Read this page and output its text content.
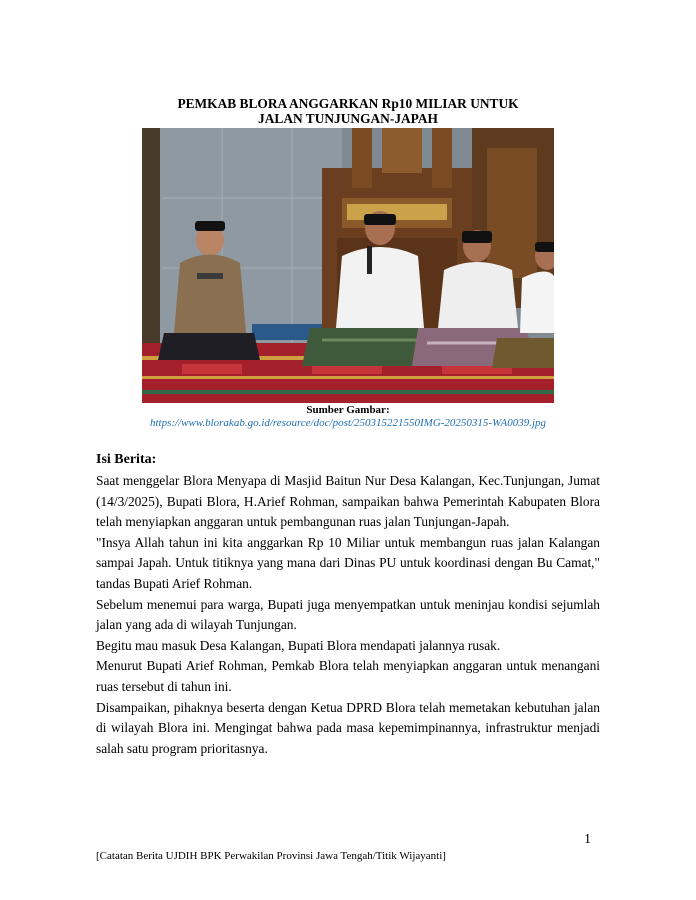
PEMKAB BLORA ANGGARKAN Rp10 MILIAR UNTUK
JALAN TUNJUNGAN-JAPAH
Sumber Gambar:
https://www.blorakab.go.id/resource/doc/post/250315221550IMG-20250315-WA0039.jpg
Isi Berita:

Saat menggelar Blora Menyapa di Masjid Baitun Nur Desa Kalangan, Kec.Tunjungan, Jumat (14/3/2025), Bupati Blora, H.Arief Rohman, sampaikan bahwa Pemerintah Kabupaten Blora telah menyiapkan anggaran untuk pembangunan ruas jalan Tunjungan-Japah.

"Insya Allah tahun ini kita anggarkan Rp 10 Miliar untuk membangun ruas jalan Kalangan sampai Japah. Untuk titiknya yang mana dari Dinas PU untuk koordinasi dengan Bu Camat," tandas Bupati Arief Rohman.

Sebelum menemui para warga, Bupati juga menyempatkan untuk meninjau kondisi sejumlah jalan yang ada di wilayah Tunjungan.

Begitu mau masuk Desa Kalangan, Bupati Blora mendapati jalannya rusak.

Menurut Bupati Arief Rohman, Pemkab Blora telah menyiapkan anggaran untuk menangani ruas tersebut di tahun ini.

Disampaikan, pihaknya beserta dengan Ketua DPRD Blora telah memetakan kebutuhan jalan di wilayah Blora ini. Mengingat bahwa pada masa kepemimpinannya, infrastruktur menjadi salah satu program prioritasnya.

1
[Catatan Berita UJDIH BPK Perwakilan Provinsi Jawa Tengah/Titik Wijayanti]
